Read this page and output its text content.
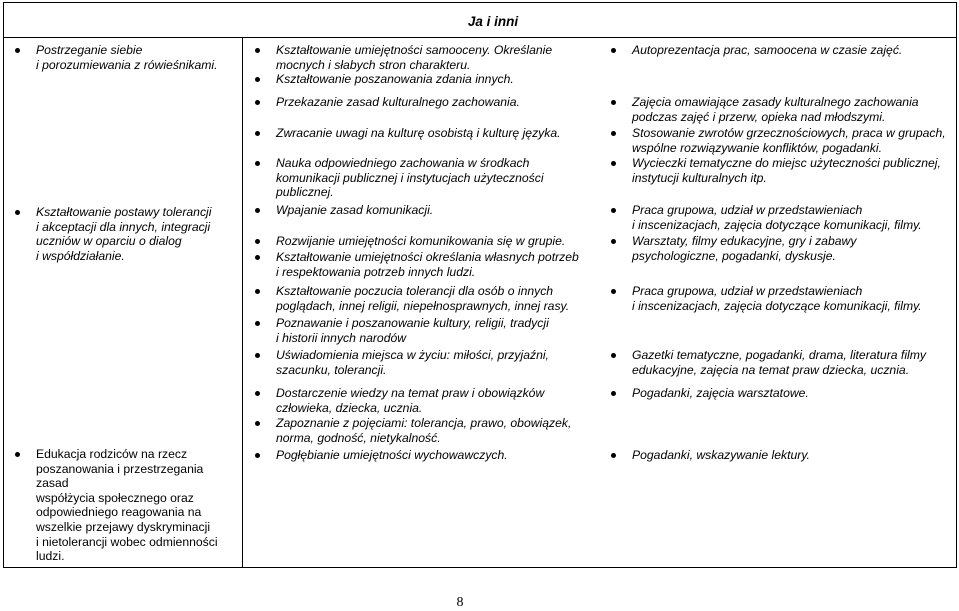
Ja i inni
Postrzeganie siebie
i porozumiewania z rówieśnikami.
Kształtowanie postawy tolerancji
i akceptacji dla innych, integracji
uczniów w oparciu o dialog
i współdziałanie.
Edukacja rodziców na rzecz
poszanowania i przestrzegania zasad
współżycia społecznego oraz
odpowiedniego reagowania na
wszelkie przejawy dyskryminacji
i nietolerancji wobec odmienności
ludzi.
Kształtowanie umiejętności samooceny. Określanie
mocnych i słabych stron charakteru.
Kształtowanie poszanowania zdania innych.
Przekazanie zasad kulturalnego zachowania.
Zwracanie uwagi na kulturę osobistą i kulturę języka.
Nauka odpowiedniego zachowania w środkach
komunikacji publicznej i instytucjach użyteczności
publicznej.
Wpajanie zasad komunikacji.
Rozwijanie umiejętności komunikowania się w grupie.
Kształtowanie umiejętności określania własnych potrzeb
i respektowania potrzeb innych ludzi.
Kształtowanie poczucia tolerancji dla osób o innych
poglądach, innej religii, niepełnosprawnych, innej rasy.
Poznawanie i poszanowanie kultury, religii, tradycji
i historii innych narodów
Uświadomienia miejsca w życiu: miłości, przyjaźni,
szacunku, tolerancji.
Dostarczenie wiedzy na temat praw i obowiązków
człowieka, dziecka, ucznia.
Zapoznanie z pojęciami: tolerancja, prawo, obowiązek,
norma, godność, nietykalność.
Pogłębianie umiejętności wychowawczych.
Autoprezentacja prac, samoocena w czasie zajęć.
Zajęcia omawiające zasady kulturalnego zachowania
podczas zajęć i przerw, opieka nad młodszymi.
Stosowanie zwrotów grzecznościowych, praca w grupach,
wspólne rozwiązywanie konfliktów, pogadanki.
Wycieczki tematyczne do miejsc użyteczności publicznej,
instytucji kulturalnych itp.
Praca grupowa, udział w przedstawieniach
i inscenizacjach, zajęcia dotyczące komunikacji, filmy.
Warsztaty, filmy edukacyjne, gry i zabawy
psychologiczne, pogadanki, dyskusje.
Praca grupowa, udział w przedstawieniach
i inscenizacjach, zajęcia dotyczące komunikacji, filmy.
Gazetki tematyczne, pogadanki, drama, literatura filmy
edukacyjne, zajęcia na temat praw dziecka, ucznia.
Pogadanki, zajęcia warsztatowe.
Pogadanki, wskazywanie lektury.
8
